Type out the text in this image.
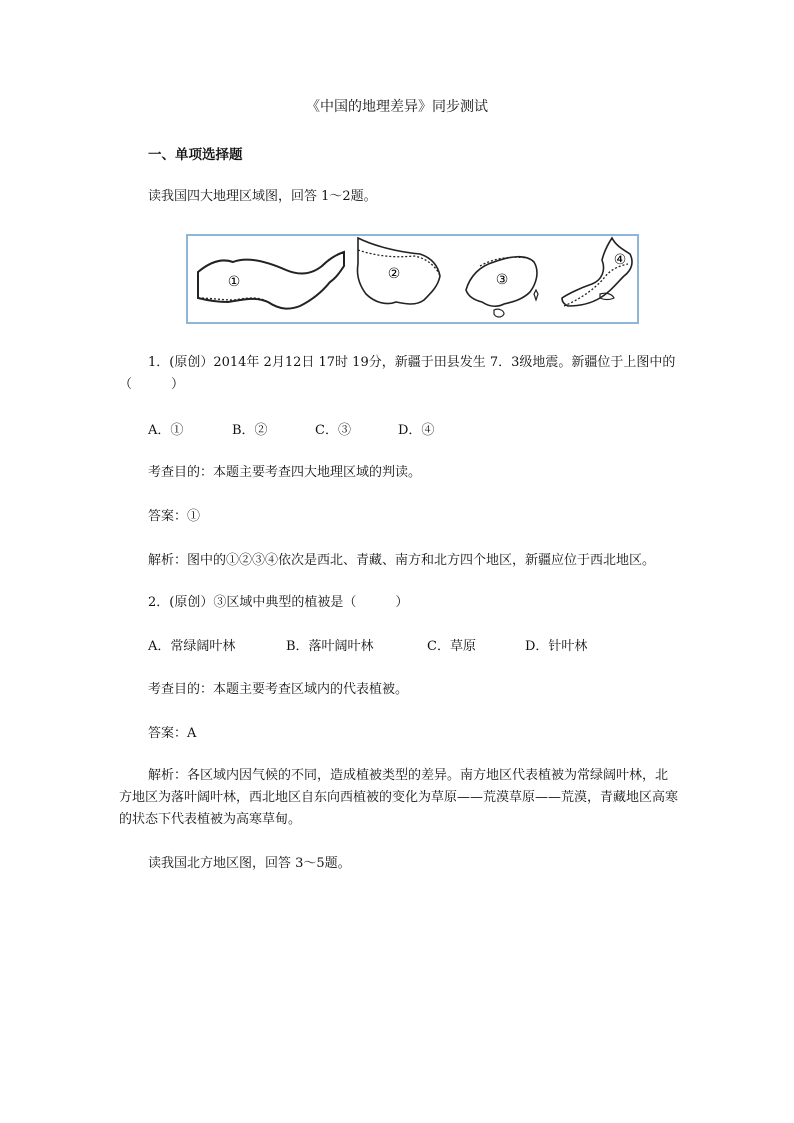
《中国的地理差异》同步测试
一、单项选择题
读我国四大地理区域图，回答 1～2题。
①	②	③
④
1．(原创）2014年 2月12日 17时 19分，新疆于田县发生 7．3级地震。新疆位于上图中的（　　　）
A．①	B．②	C．③	D．④
考查目的：本题主要考查四大地理区域的判读。
答案：①
解析：图中的①②③④依次是西北、青藏、南方和北方四个地区，新疆应位于西北地区。
2．(原创）③区域中典型的植被是（　　　）
A．常绿阔叶林	B．落叶阔叶林	C．草原	D．针叶林
考查目的：本题主要考查区域内的代表植被。
答案：A
解析：各区域内因气候的不同，造成植被类型的差异。南方地区代表植被为常绿阔叶林，北方地区为落叶阔叶林，西北地区自东向西植被的变化为草原——荒漠草原——荒漠，青藏地区高寒的状态下代表植被为高寒草甸。
读我国北方地区图，回答 3～5题。
